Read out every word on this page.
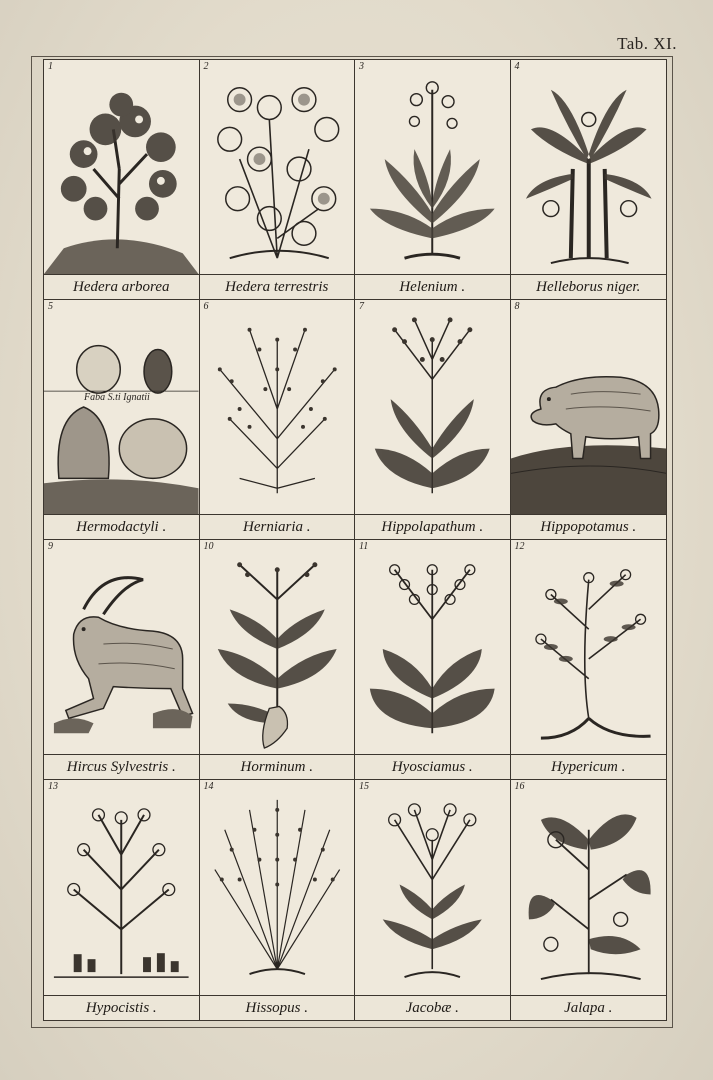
Tab. XI.
1
Hedera arborea
2
Hedera terrestris
3
Helenium .
4
Helleborus niger.
5
Faba S.ti Ignatii
Hermodactyli .
6
Herniaria .
7
Hippolapathum .
8
Hippopotamus .
9
Hircus Sylvestris .
10
Horminum .
11
Hyosciamus .
12
Hypericum .
13
Hypocistis .
14
Hissopus .
15
Jacobæ .
16
Jalapa .
